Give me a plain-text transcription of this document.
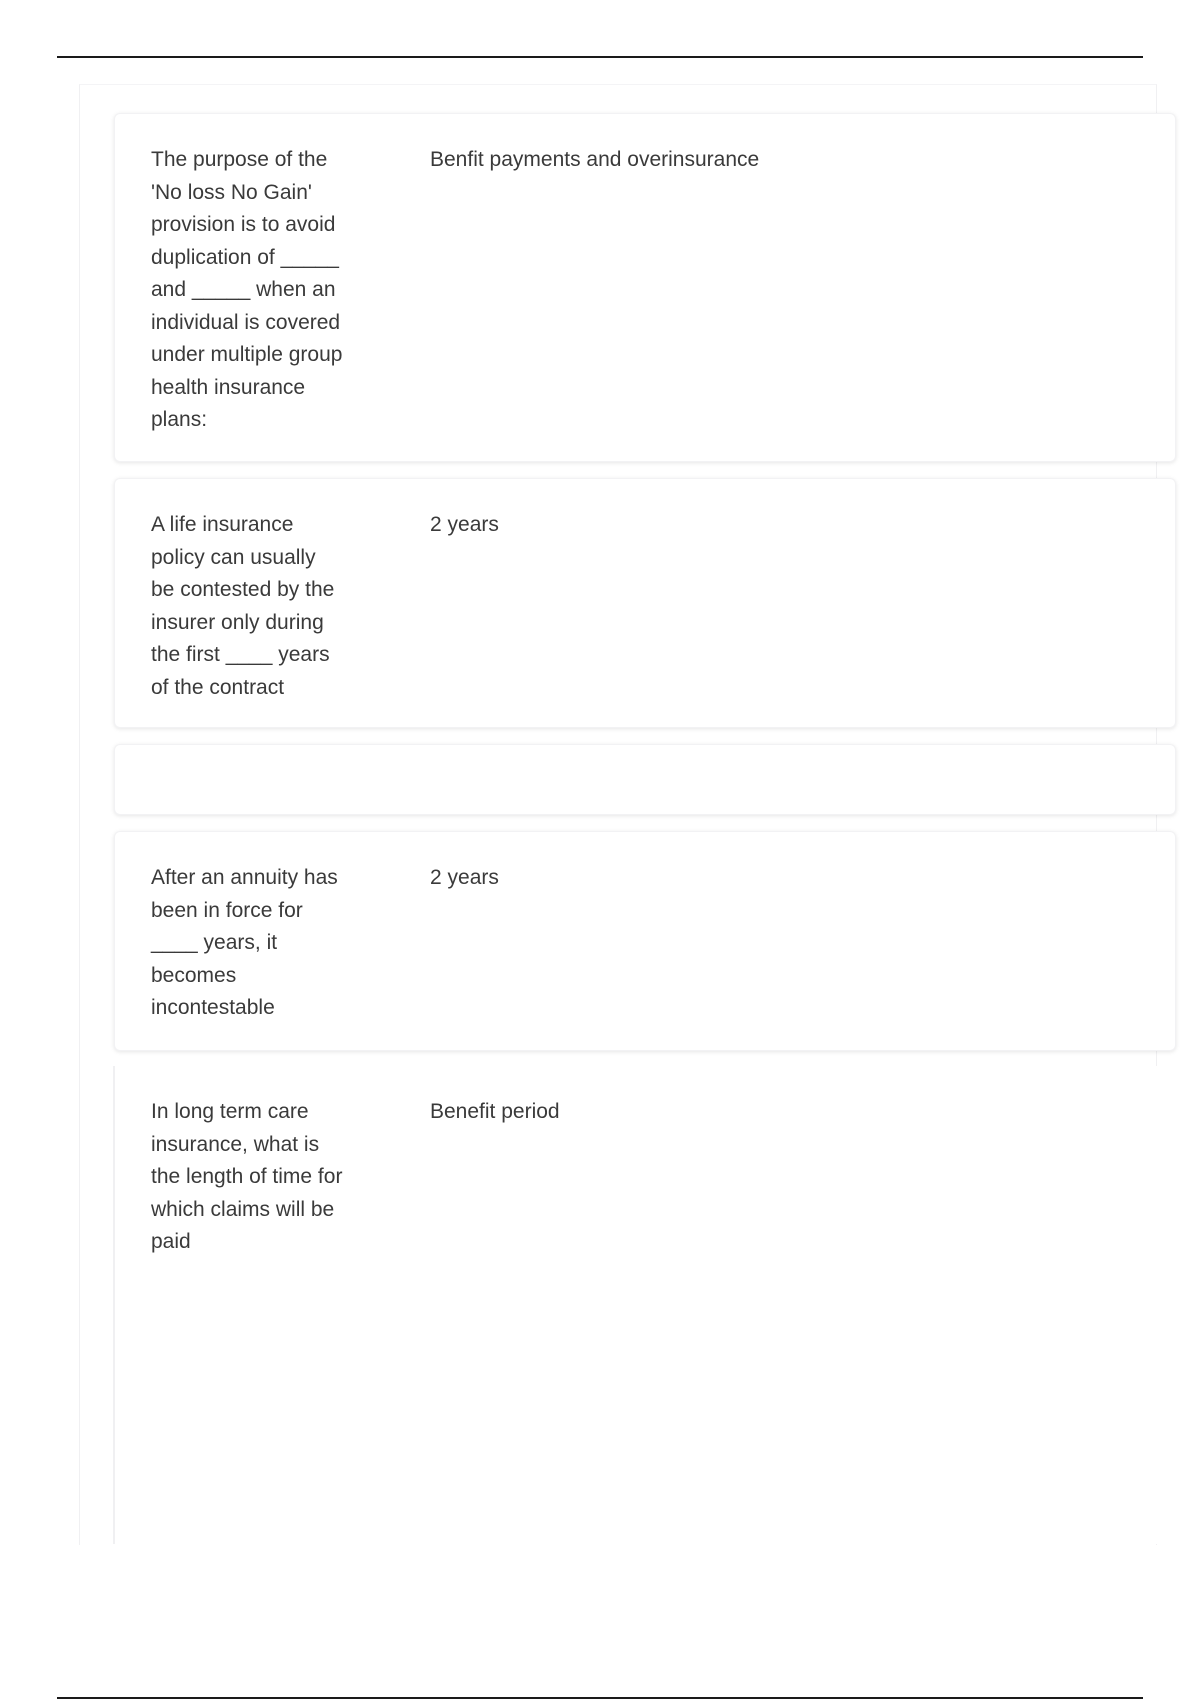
The purpose of the
'No loss No Gain'
provision is to avoid
duplication of _____
and _____ when an
individual is covered
under multiple group
health insurance
plans:
Benfit payments and overinsurance
A life insurance
policy can usually
be contested by the
insurer only during
the first ____ years
of the contract
2 years
After an annuity has
been in force for
____ years, it
becomes
incontestable
2 years
In long term care
insurance, what is
the length of time for
which claims will be
paid
Benefit period
